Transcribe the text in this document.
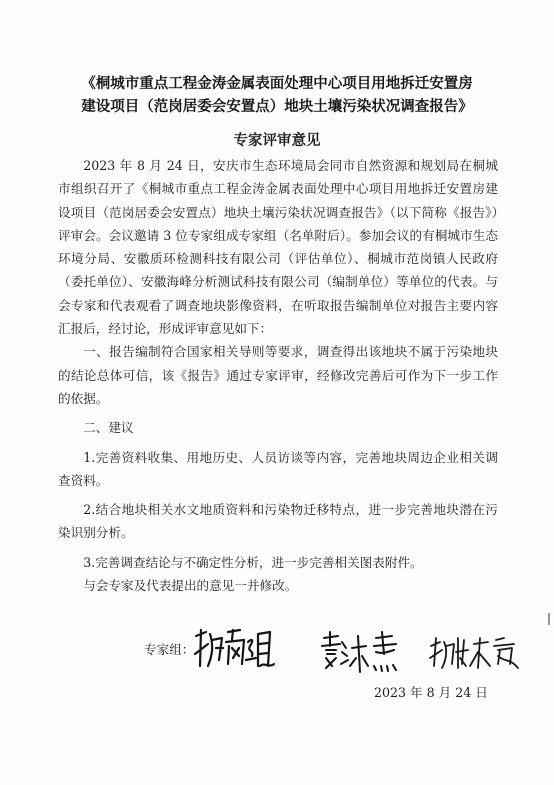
《桐城市重点工程金涛金属表面处理中心项目用地拆迁安置房
建设项目（范岗居委会安置点）地块土壤污染状况调查报告》
专家评审意见

2023 年 8 月 24 日，安庆市生态环境局会同市自然资源和规划局在桐城市组织召开了《桐城市重点工程金涛金属表面处理中心项目用地拆迁安置房建设项目（范岗居委会安置点）地块土壤污染状况调查报告》（以下简称《报告》）评审会。会议邀请 3 位专家组成专家组（名单附后）。参加会议的有桐城市生态环境分局、安徽质环检测科技有限公司（评估单位）、桐城市范岗镇人民政府（委托单位）、安徽海峰分析测试科技有限公司（编制单位）等单位的代表。与会专家和代表观看了调查地块影像资料，在听取报告编制单位对报告主要内容汇报后，经讨论，形成评审意见如下：

一、报告编制符合国家相关导则等要求，调查得出该地块不属于污染地块的结论总体可信，该《报告》通过专家评审，经修改完善后可作为下一步工作的依据。

二、建议

1.完善资料收集、用地历史、人员访谈等内容，完善地块周边企业相关调查资料。

2.结合地块相关水文地质资料和污染物迁移特点，进一步完善地块潜在污染识别分析。

3.完善调查结论与不确定性分析，进一步完善相关图表附件。

与会专家及代表提出的意见一并修改。

专家组：
2023 年 8 月 24 日
